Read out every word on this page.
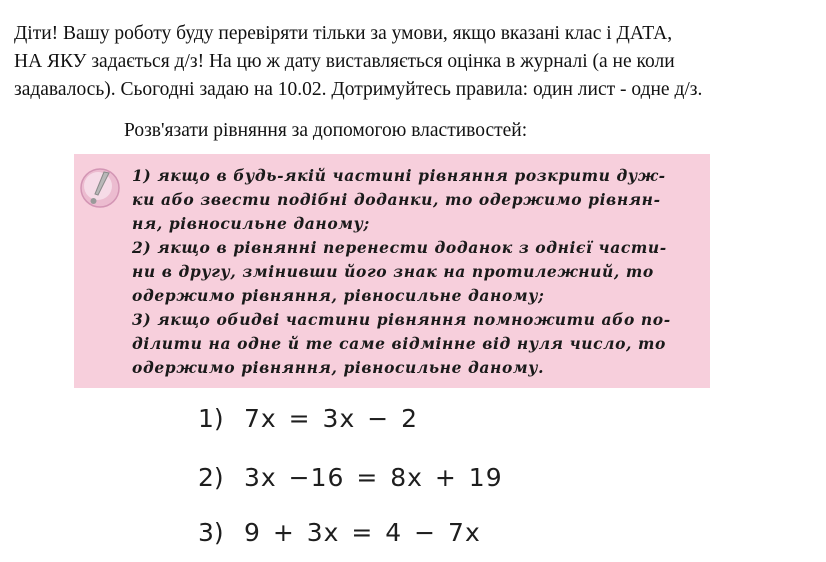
Діти! Вашу роботу буду перевіряти тільки за умови, якщо вказані клас і ДАТА,
НА ЯКУ задається д/з! На цю ж дату виставляється оцінка в журналі (а не коли
задавалось). Сьогодні задаю на 10.02. Дотримуйтесь правила: один лист - одне д/з.
Розв'язати рівняння за допомогою властивостей:
1) якщо в будь-якій частині рівняння розкрити дуж-
ки або звести подібні доданки, то одержимо рівнян-
ня, рівносильне даному;
2) якщо в рівнянні перенести доданок з однієї части-
ни в другу, змінивши його знак на протилежний, то
одержимо рівняння, рівносильне даному;
3) якщо обидві частини рівняння помножити або по-
ділити на одне й те саме відмінне від нуля число, то
одержимо рівняння, рівносильне даному.
1) 7x = 3x − 2
2) 3x −16 = 8x + 19
3) 9 + 3x = 4 − 7x
